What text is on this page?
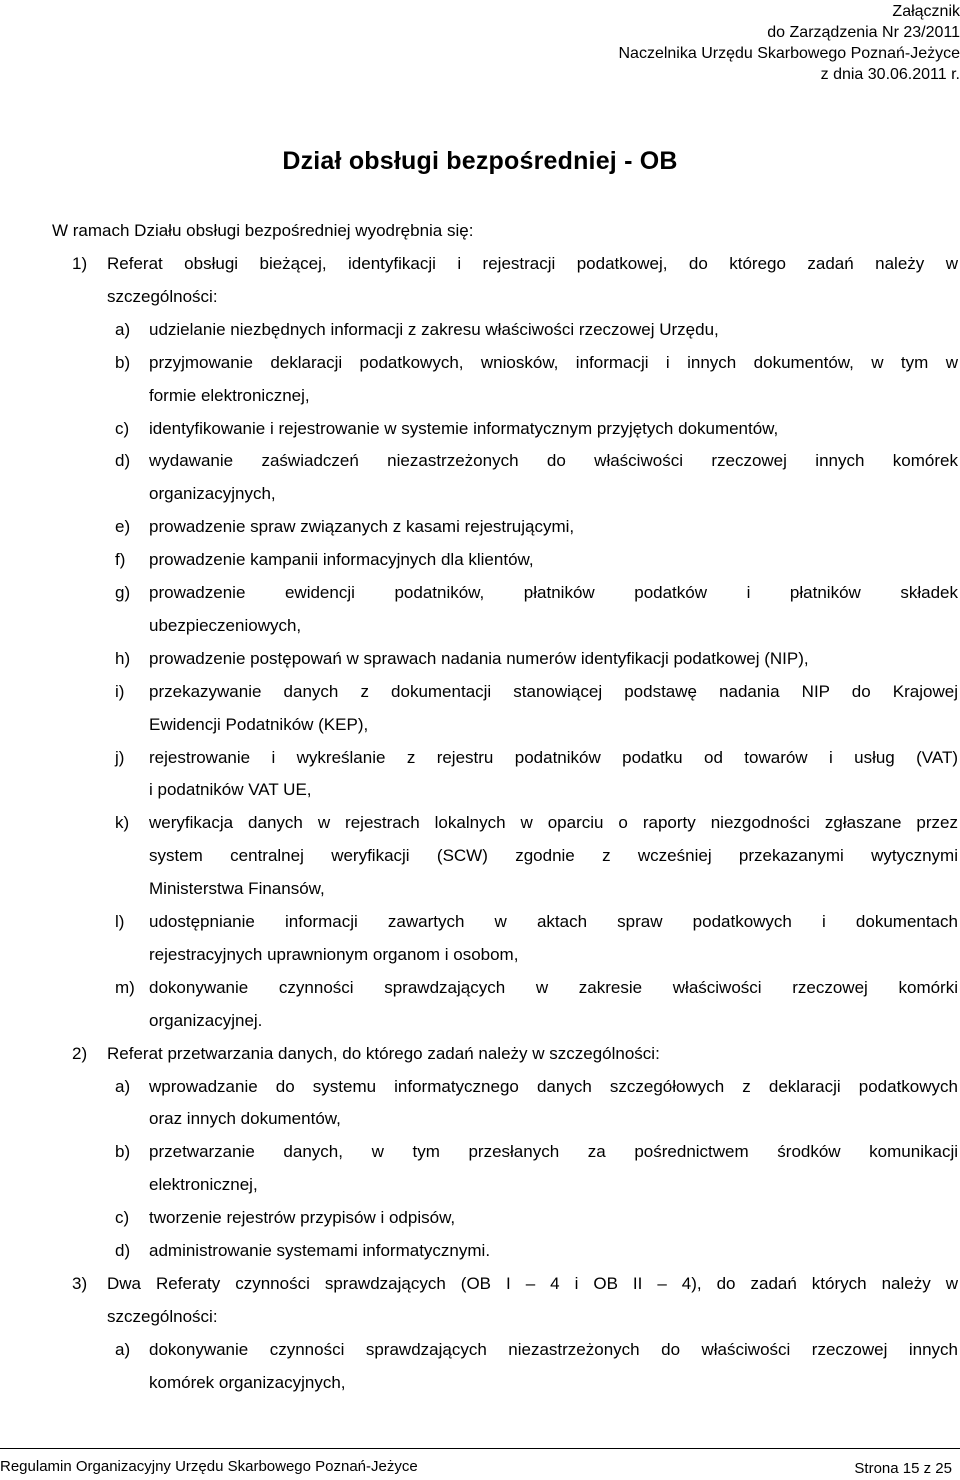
Załącznik
do Zarządzenia Nr 23/2011
Naczelnika Urzędu Skarbowego Poznań-Jeżyce
z dnia 30.06.2011 r.
Dział obsługi bezpośredniej - OB
W ramach Działu obsługi bezpośredniej wyodrębnia się:
1) Referat obsługi bieżącej, identyfikacji i rejestracji podatkowej, do którego zadań należy w
szczególności:
a) udzielanie niezbędnych informacji z zakresu właściwości rzeczowej Urzędu,
b) przyjmowanie deklaracji podatkowych, wniosków, informacji i innych dokumentów, w tym w
formie elektronicznej,
c) identyfikowanie i rejestrowanie w systemie informatycznym przyjętych dokumentów,
d) wydawanie zaświadczeń niezastrzeżonych do właściwości rzeczowej innych komórek
organizacyjnych,
e) prowadzenie spraw związanych z kasami rejestrującymi,
f) prowadzenie kampanii informacyjnych dla klientów,
g) prowadzenie ewidencji podatników, płatników podatków i płatników składek
ubezpieczeniowych,
h) prowadzenie postępowań w sprawach nadania numerów identyfikacji podatkowej (NIP),
i) przekazywanie danych z dokumentacji stanowiącej podstawę nadania NIP do Krajowej
Ewidencji Podatników (KEP),
j) rejestrowanie i wykreślanie z rejestru podatników podatku od towarów i usług (VAT)
i podatników VAT UE,
k) weryfikacja danych w rejestrach lokalnych w oparciu o raporty niezgodności zgłaszane przez
system centralnej weryfikacji (SCW) zgodnie z wcześniej przekazanymi wytycznymi
Ministerstwa Finansów,
l) udostępnianie informacji zawartych w aktach spraw podatkowych i dokumentach
rejestracyjnych uprawnionym organom i osobom,
m) dokonywanie czynności sprawdzających w zakresie właściwości rzeczowej komórki
organizacyjnej.
2) Referat przetwarzania danych, do którego zadań należy w szczególności:
a) wprowadzanie do systemu informatycznego danych szczegółowych z deklaracji podatkowych
oraz innych dokumentów,
b) przetwarzanie danych, w tym przesłanych za pośrednictwem środków komunikacji
elektronicznej,
c) tworzenie rejestrów przypisów i odpisów,
d) administrowanie systemami informatycznymi.
3) Dwa Referaty czynności sprawdzających (OB I – 4 i OB II – 4), do zadań których należy w
szczególności:
a) dokonywanie czynności sprawdzających niezastrzeżonych do właściwości rzeczowej innych
komórek organizacyjnych,
Regulamin Organizacyjny Urzędu Skarbowego Poznań-Jeżyce	Strona 15 z 25
